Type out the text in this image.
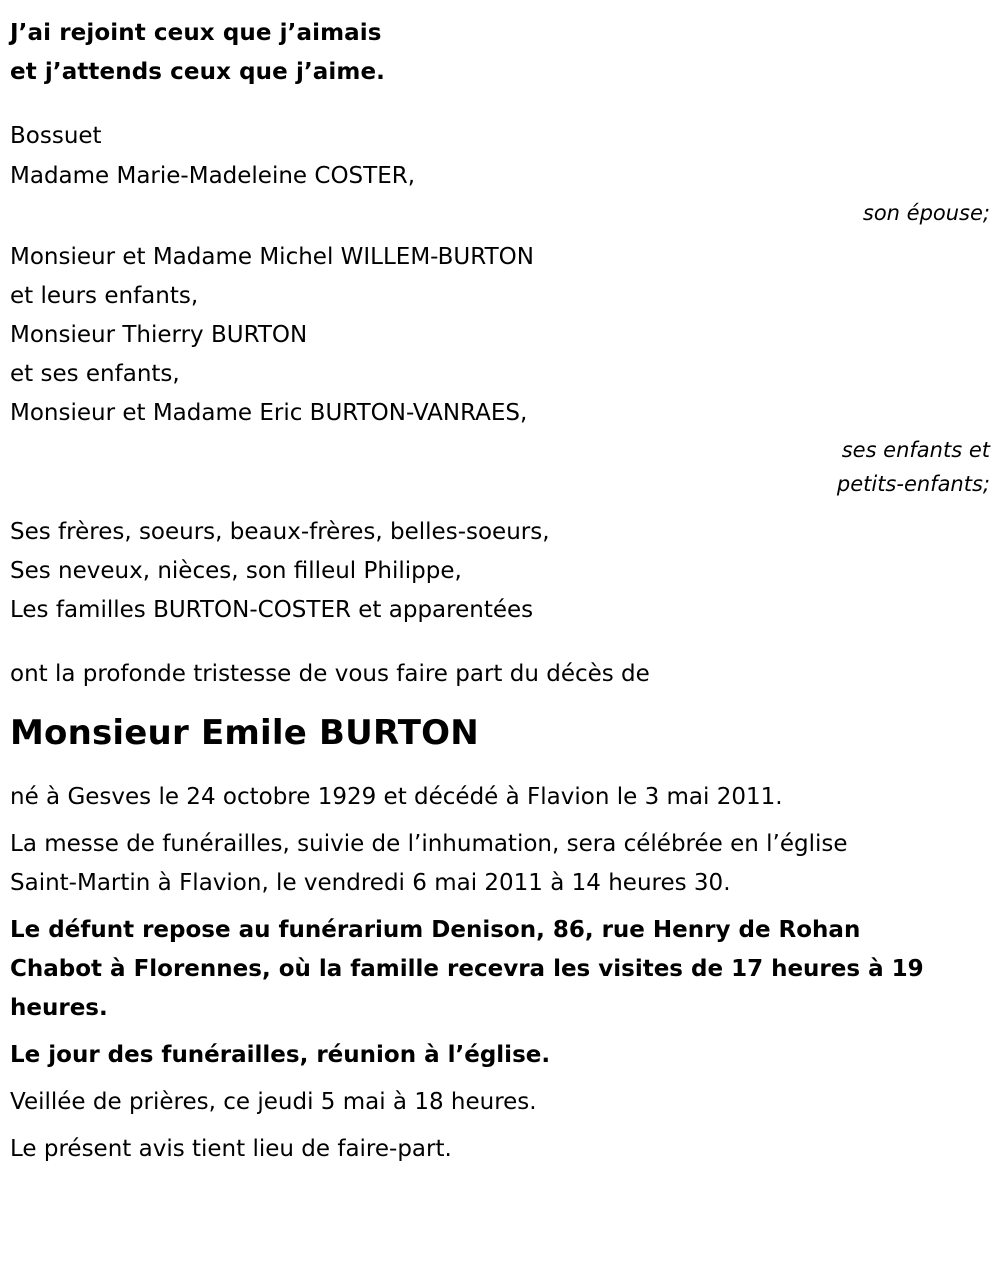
J’ai rejoint ceux que j’aimais
et j’attends ceux que j’aime.
Bossuet
Madame Marie-Madeleine COSTER,
son épouse;
Monsieur et Madame Michel WILLEM-BURTON
et leurs enfants,
Monsieur Thierry BURTON
et ses enfants,
Monsieur et Madame Eric BURTON-VANRAES,
ses enfants et
petits-enfants;
Ses frères, soeurs, beaux-frères, belles-soeurs,
Ses neveux, nièces, son filleul Philippe,
Les familles BURTON-COSTER et apparentées
ont la profonde tristesse de vous faire part du décès de
Monsieur Emile BURTON
né à Gesves le 24 octobre 1929 et décédé à Flavion le 3 mai 2011.
La messe de funérailles, suivie de l’inhumation, sera célébrée en l’église
Saint-Martin à Flavion, le vendredi 6 mai 2011 à 14 heures 30.
Le défunt repose au funérarium Denison, 86, rue Henry de Rohan
Chabot à Florennes, où la famille recevra les visites de 17 heures à 19
heures.
Le jour des funérailles, réunion à l’église.
Veillée de prières, ce jeudi 5 mai à 18 heures.
Le présent avis tient lieu de faire-part.
